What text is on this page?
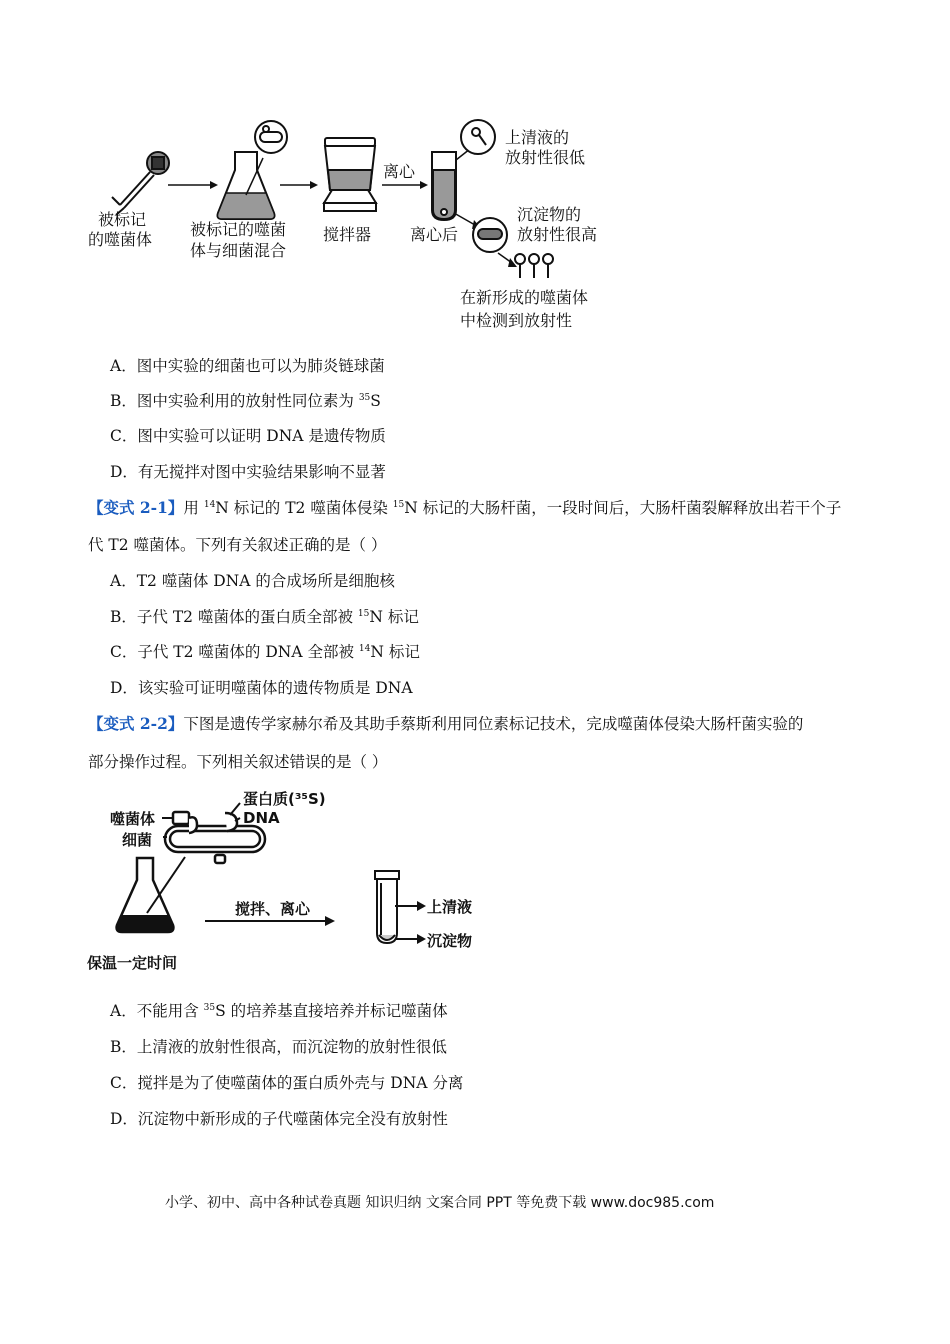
被标记
的噬菌体
被标记的噬菌
体与细菌混合
搅拌器
离心
离心后
上清液的
放射性很低
沉淀物的
放射性很高
在新形成的噬菌体
中检测到放射性
A．图中实验的细菌也可以为肺炎链球菌
B．图中实验利用的放射性同位素为 $^{35}$S
C．图中实验可以证明 DNA 是遗传物质
D．有无搅拌对图中实验结果影响不显著
【变式 2-1】用 $^{14}$N 标记的 T2 噬菌体侵染 $^{15}$N 标记的大肠杆菌，一段时间后，大肠杆菌裂解释放出若干个子
代 T2 噬菌体。下列有关叙述正确的是（ ）
A．T2 噬菌体 DNA 的合成场所是细胞核
B．子代 T2 噬菌体的蛋白质全部被 $^{15}$N 标记
C．子代 T2 噬菌体的 DNA 全部被 $^{14}$N 标记
D．该实验可证明噬菌体的遗传物质是 DNA
【变式 2-2】下图是遗传学家赫尔希及其助手蔡斯利用同位素标记技术，完成噬菌体侵染大肠杆菌实验的
部分操作过程。下列相关叙述错误的是（ ）
蛋白质(³⁵S)
DNA
噬菌体
细菌
搅拌、离心	上清液
沉淀物
保温一定时间
A．不能用含 $^{35}$S 的培养基直接培养并标记噬菌体
B．上清液的放射性很高，而沉淀物的放射性很低
C．搅拌是为了使噬菌体的蛋白质外壳与 DNA 分离
D．沉淀物中新形成的子代噬菌体完全没有放射性
小学、初中、高中各种试卷真题 知识归纳 文案合同 PPT 等免费下载 www.doc985.com
